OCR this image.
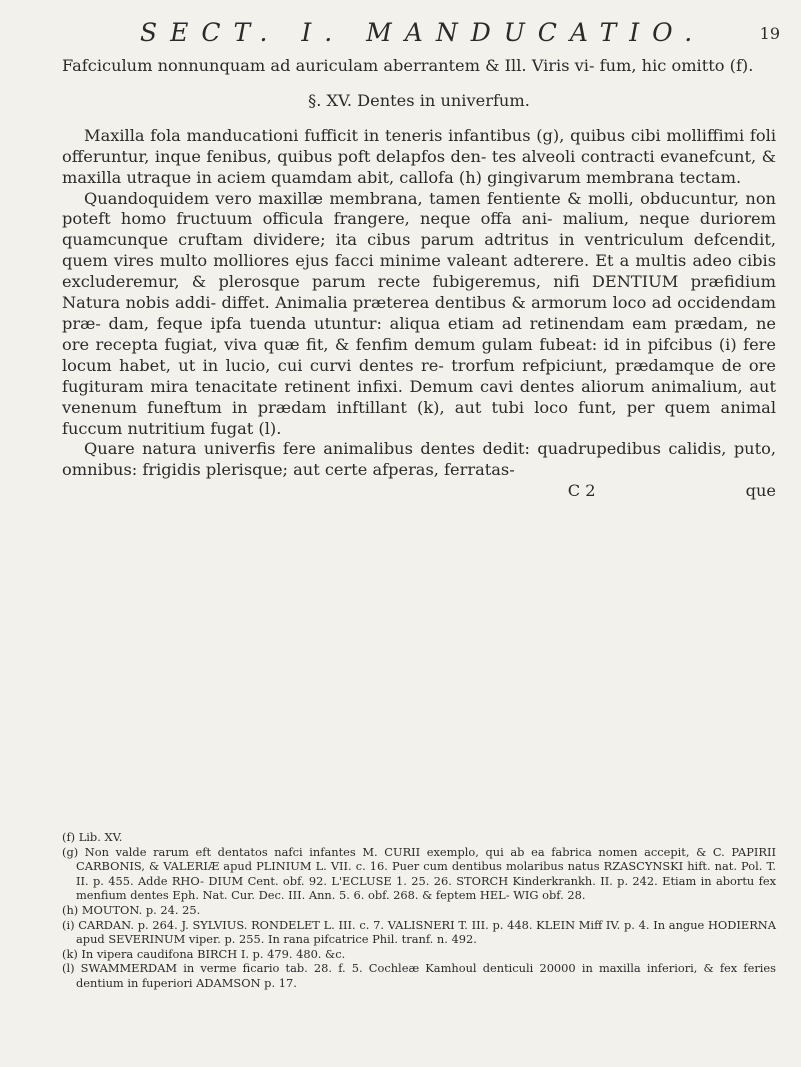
SECT. I. MANDUCATIO.	19

Fafciculum nonnunquam ad auriculam aberrantem & Ill. Viris vi- fum, hic omitto (f).

§. XV. Dentes in univerfum.

Maxilla fola manducationi fufficit in teneris infantibus (g), quibus cibi molliffimi foli offeruntur, inque fenibus, quibus poft delapfos den- tes alveoli contracti evanefcunt, & maxilla utraque in aciem quamdam abit, callofa (h) gingivarum membrana tectam.

Quandoquidem vero maxillæ membrana, tamen fentiente & molli, obducuntur, non poteft homo fructuum officula frangere, neque offa ani- malium, neque duriorem quamcunque cruftam dividere; ita cibus parum adtritus in ventriculum defcendit, quem vires multo molliores ejus facci minime valeant adterere. Et a multis adeo cibis excluderemur, & plerosque parum recte fubigeremus, nifi DENTIUM præfidium Natura nobis addi- diffet. Animalia præterea dentibus & armorum loco ad occidendam præ- dam, feque ipfa tuenda utuntur: aliqua etiam ad retinendam eam prædam, ne ore recepta fugiat, viva quæ fit, & fenfim demum gulam fubeat: id in pifcibus (i) fere locum habet, ut in lucio, cui curvi dentes re- trorfum refpiciunt, prædamque de ore fugituram mira tenacitate retinent infixi. Demum cavi dentes aliorum animalium, aut venenum funeftum in prædam inftillant (k), aut tubi loco funt, per quem animal fuccum nutritium fugat (l).

Quare natura univerfis fere animalibus dentes dedit: quadrupedibus calidis, puto, omnibus: frigidis plerisque; aut certe afperas, ferratas-

C 2	que

(f) Lib. XV.

(g) Non valde rarum eft dentatos nafci infantes M. CURII exemplo, qui ab ea fabrica nomen accepit, & C. PAPIRII CARBONIS, & VALERIÆ apud PLINIUM L. VII. c. 16. Puer cum dentibus molaribus natus RZASCYNSKI hift. nat. Pol. T. II. p. 455. Adde RHO- DIUM Cent. obf. 92. L'ECLUSE 1. 25. 26. STORCH Kinderkrankh. II. p. 242. Etiam in abortu fex menfium dentes Eph. Nat. Cur. Dec. III. Ann. 5. 6. obf. 268. & feptem HEL- WIG obf. 28.

(h) MOUTON. p. 24. 25.

(i) CARDAN. p. 264. J. SYLVIUS. RONDELET L. III. c. 7. VALISNERI T. III. p. 448. KLEIN Miff IV. p. 4. In angue HODIERNA apud SEVERINUM viper. p. 255. In rana pifcatrice Phil. tranf. n. 492.

(k) In vipera caudifona BIRCH I. p. 479. 480. &c.

(l) SWAMMERDAM in verme ficario tab. 28. f. 5. Cochleæ Kamhoul denticuli 20000 in maxilla inferiori, & fex feries dentium in fuperiori ADAMSON p. 17.
